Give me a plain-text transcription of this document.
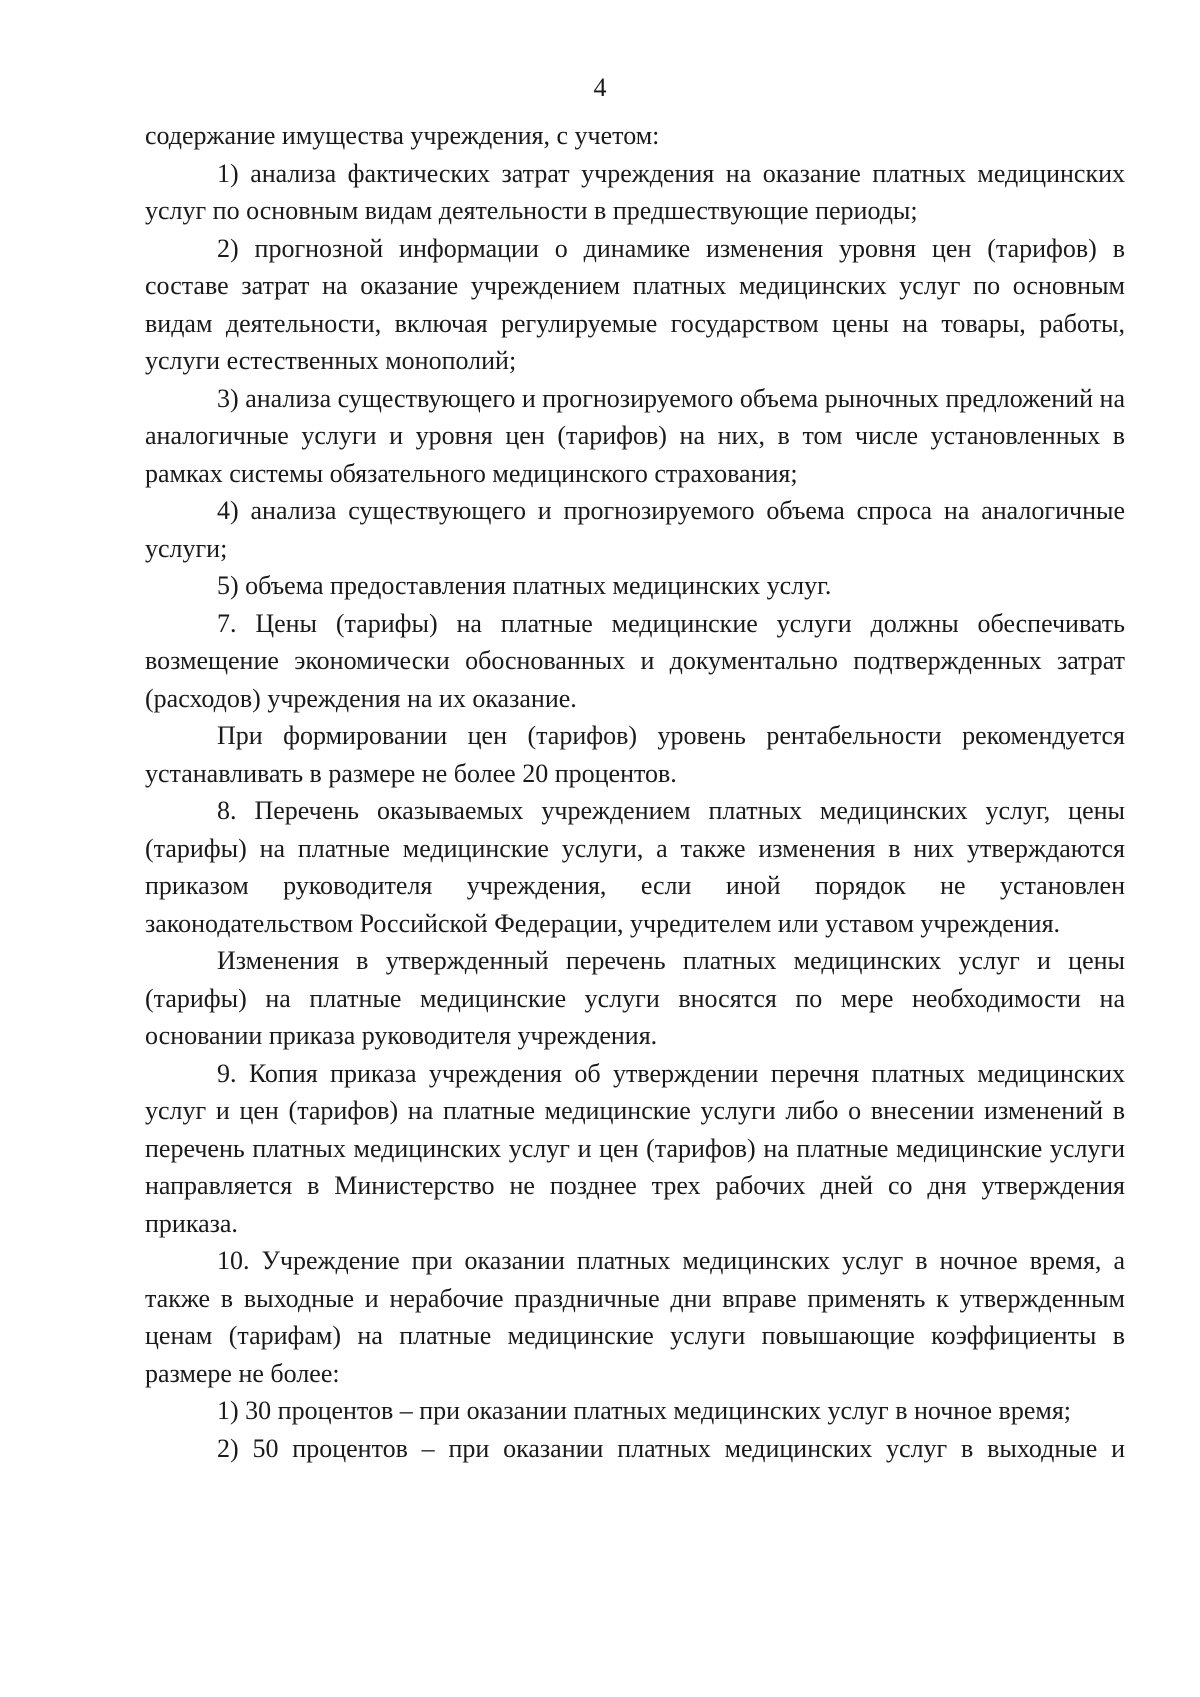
4

содержание имущества учреждения, с учетом:

1) анализа фактических затрат учреждения на оказание платных медицинских услуг по основным видам деятельности в предшествующие периоды;

2) прогнозной информации о динамике изменения уровня цен (тарифов) в составе затрат на оказание учреждением платных медицинских услуг по основным видам деятельности, включая регулируемые государством цены на товары, работы, услуги естественных монополий;

3) анализа существующего и прогнозируемого объема рыночных предложений на аналогичные услуги и уровня цен (тарифов) на них, в том числе установленных в рамках системы обязательного медицинского страхования;

4) анализа существующего и прогнозируемого объема спроса на аналогичные услуги;

5) объема предоставления платных медицинских услуг.

7. Цены (тарифы) на платные медицинские услуги должны обеспечивать возмещение экономически обоснованных и документально подтвержденных затрат (расходов) учреждения на их оказание.

При формировании цен (тарифов) уровень рентабельности рекомендуется устанавливать в размере не более 20 процентов.

8. Перечень оказываемых учреждением платных медицинских услуг, цены (тарифы) на платные медицинские услуги, а также изменения в них утверждаются приказом руководителя учреждения, если иной порядок не установлен законодательством Российской Федерации, учредителем или уставом учреждения.

Изменения в утвержденный перечень платных медицинских услуг и цены (тарифы) на платные медицинские услуги вносятся по мере необходимости на основании приказа руководителя учреждения.

9. Копия приказа учреждения об утверждении перечня платных медицинских услуг и цен (тарифов) на платные медицинские услуги либо о внесении изменений в перечень платных медицинских услуг и цен (тарифов) на платные медицинские услуги направляется в Министерство не позднее трех рабочих дней со дня утверждения приказа.

10. Учреждение при оказании платных медицинских услуг в ночное время, а также в выходные и нерабочие праздничные дни вправе применять к утвержденным ценам (тарифам) на платные медицинские услуги повышающие коэффициенты в размере не более:

1) 30 процентов – при оказании платных медицинских услуг в ночное время;

2) 50 процентов – при оказании платных медицинских услуг в выходные и
